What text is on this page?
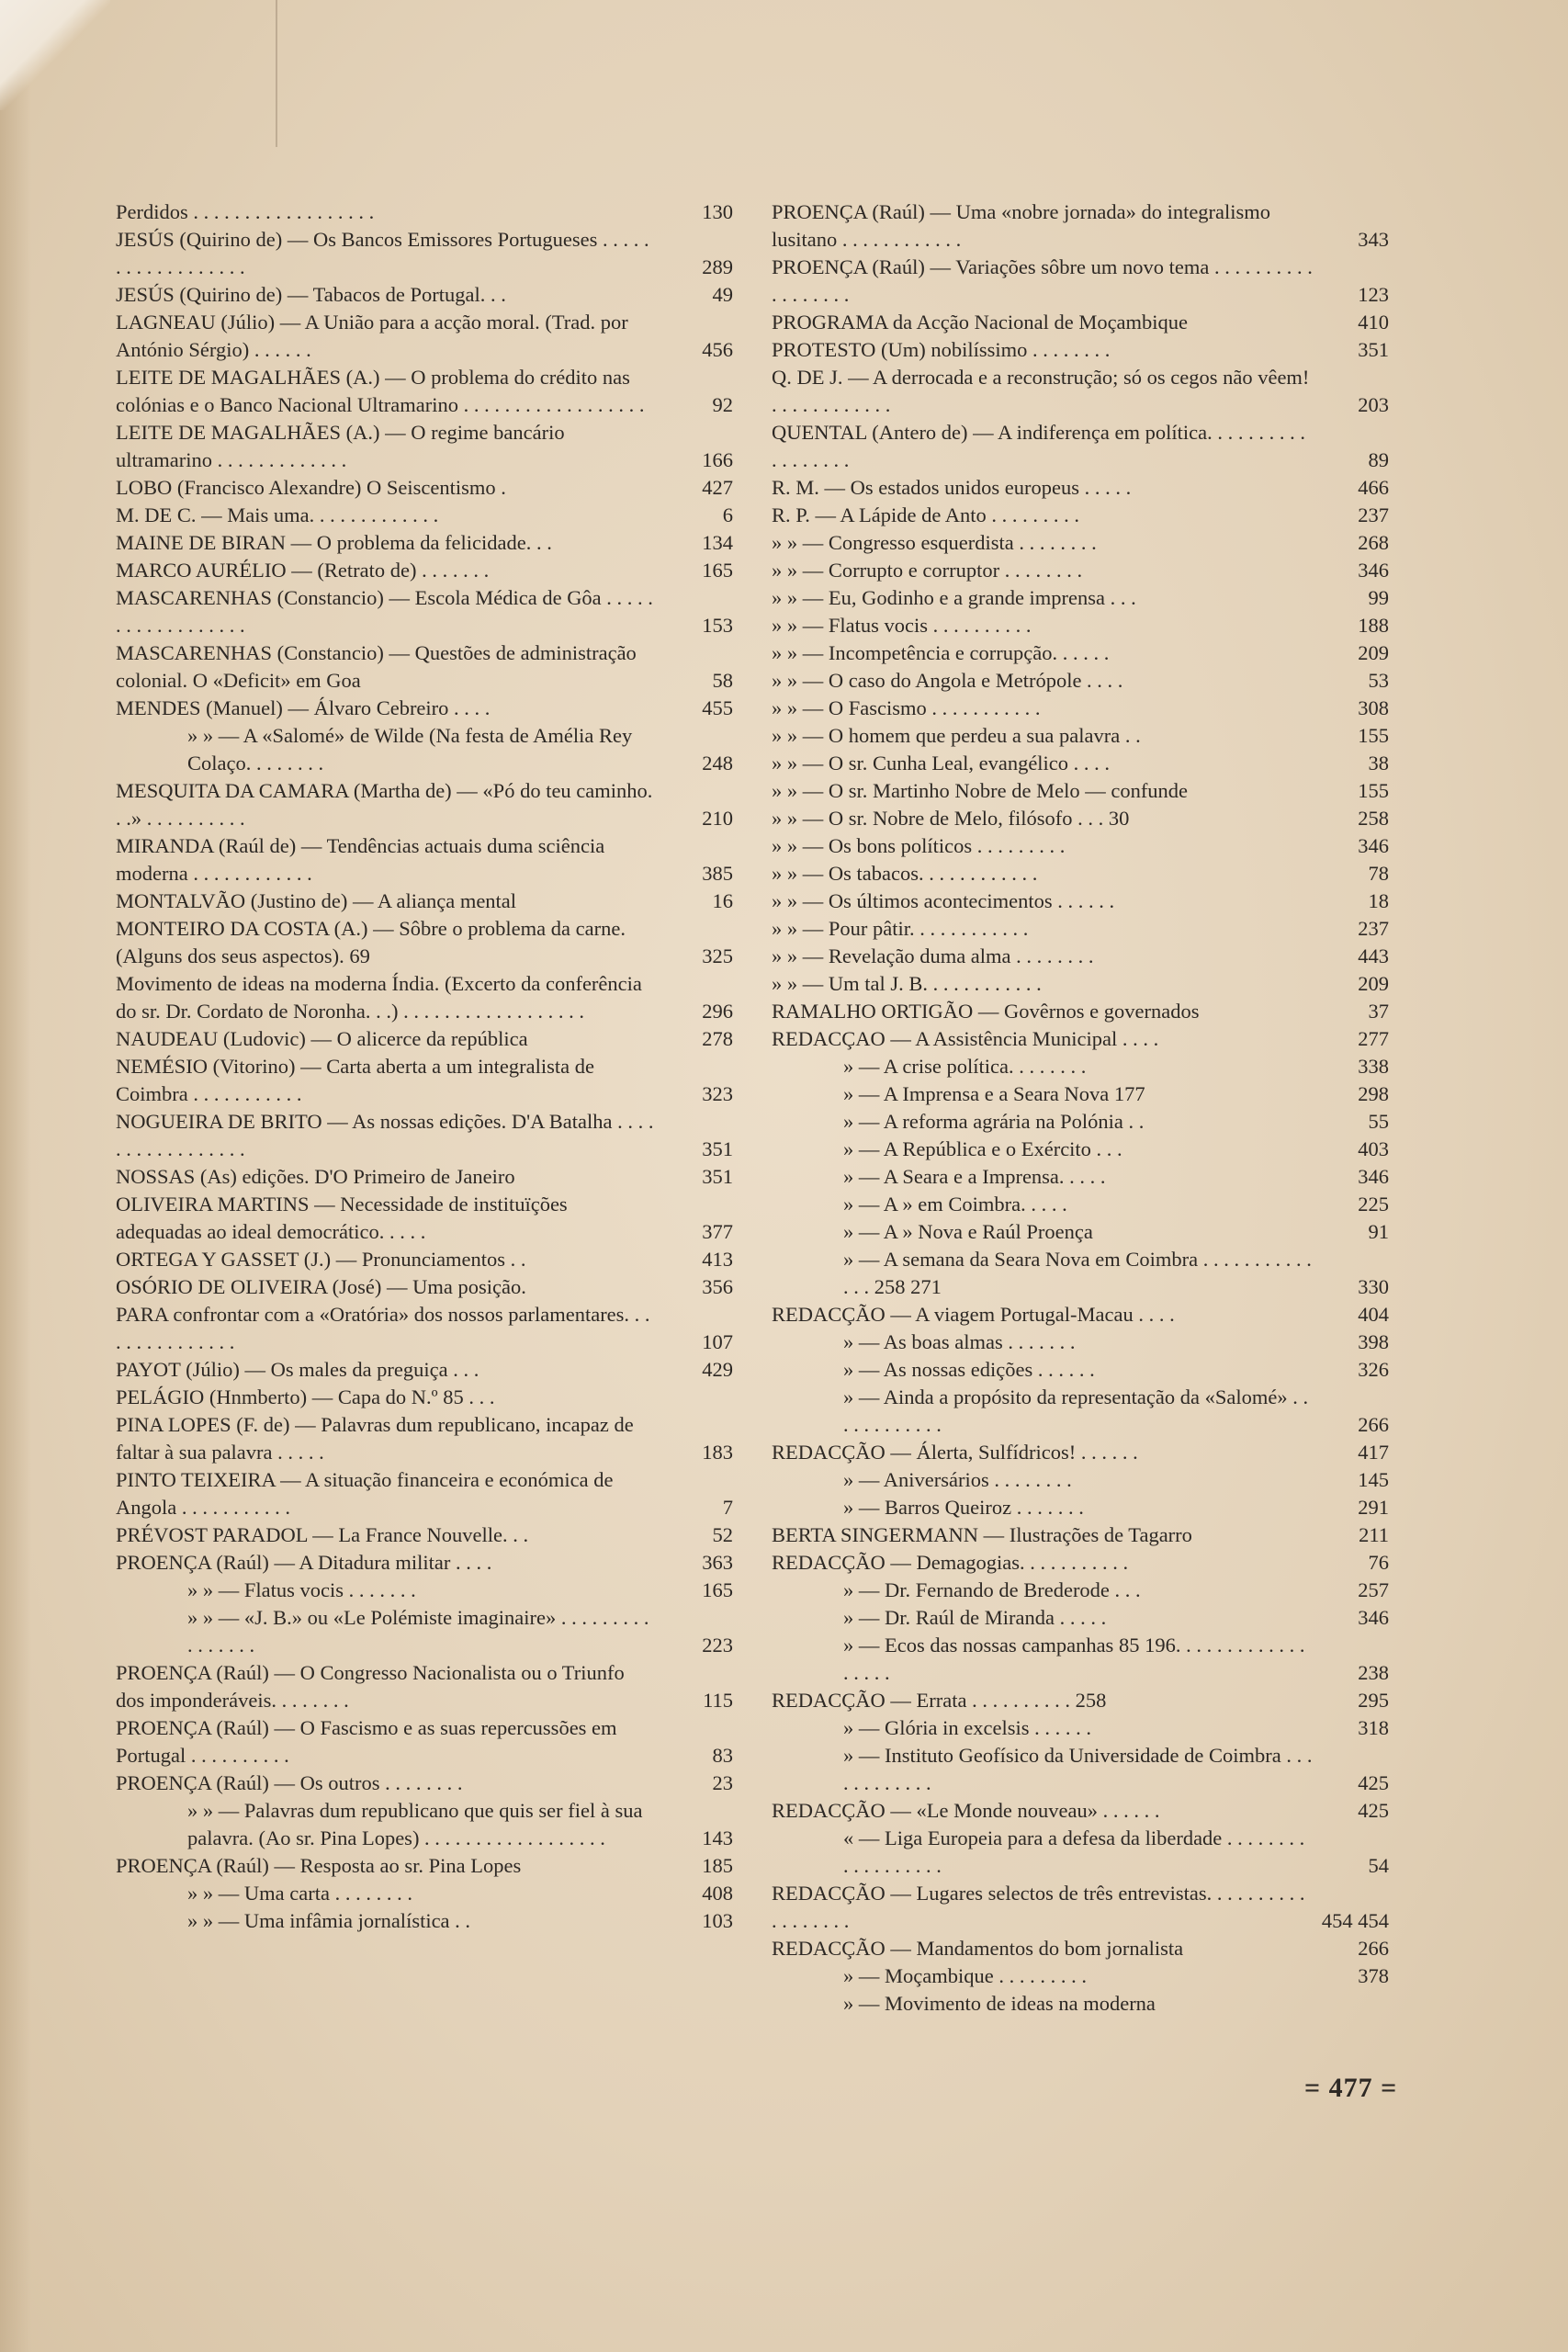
Perdidos . . . . . . . . . . . . . . . . . .	130
JESÚS (Quirino de) — Os Bancos Emissores Portugueses . . . . . . . . . . . . . . . . . .	289
JESÚS (Quirino de) — Tabacos de Portugal. . .	49
LAGNEAU (Júlio) — A União para a acção moral. (Trad. por António Sérgio) . . . . . .	456
LEITE DE MAGALHÃES (A.) — O problema do crédito nas colónias e o Banco Nacional Ultramarino . . . . . . . . . . . . . . . . . .	92
LEITE DE MAGALHÃES (A.) — O regime bancário ultramarino . . . . . . . . . . . . .	166
LOBO (Francisco Alexandre) O Seiscentismo .	427
M. DE C. — Mais uma. . . . . . . . . . . . .	6
MAINE DE BIRAN — O problema da felicidade. . .	134
MARCO AURÉLIO — (Retrato de) . . . . . . .	165
MASCARENHAS (Constancio) — Escola Médica de Gôa . . . . . . . . . . . . . . . . . .	153
MASCARENHAS (Constancio) — Questões de administração colonial. O «Deficit» em Goa	58
MENDES (Manuel) — Álvaro Cebreiro . . . .	455
» » — A «Salomé» de Wilde (Na festa de Amélia Rey Colaço. . . . . . . .	248
MESQUITA DA CAMARA (Martha de) — «Pó do teu caminho. . .» . . . . . . . . . .	210
MIRANDA (Raúl de) — Tendências actuais duma sciência moderna . . . . . . . . . . . .	385
MONTALVÃO (Justino de) — A aliança mental	16
MONTEIRO DA COSTA (A.) — Sôbre o problema da carne. (Alguns dos seus aspectos). 69	325
Movimento de ideas na moderna Índia. (Excerto da conferência do sr. Dr. Cordato de Noronha. . .) . . . . . . . . . . . . . . . . . .	296
NAUDEAU (Ludovic) — O alicerce da república	278
NEMÉSIO (Vitorino) — Carta aberta a um integralista de Coimbra . . . . . . . . . . .	323
NOGUEIRA DE BRITO — As nossas edições. D'A Batalha . . . . . . . . . . . . . . . . .	351
NOSSAS (As) edições. D'O Primeiro de Janeiro	351
OLIVEIRA MARTINS — Necessidade de instituïções adequadas ao ideal democrático. . . . .	377
ORTEGA Y GASSET (J.) — Pronunciamentos . .	413
OSÓRIO DE OLIVEIRA (José) — Uma posição.	356
PARA confrontar com a «Oratória» dos nossos parlamentares. . . . . . . . . . . . . . .	107
PAYOT (Júlio) — Os males da preguiça . . .	429
PELÁGIO (Hnmberto) — Capa do N.º 85 . . .
PINA LOPES (F. de) — Palavras dum republicano, incapaz de faltar à sua palavra . . . . .	183
PINTO TEIXEIRA — A situação financeira e económica de Angola . . . . . . . . . . .	7
PRÉVOST PARADOL — La France Nouvelle. . .	52
PROENÇA (Raúl) — A Ditadura militar . . . .	363
» » — Flatus vocis . . . . . . .	165
» » — «J. B.» ou «Le Polémiste imaginaire» . . . . . . . . . . . . . . . .	223
PROENÇA (Raúl) — O Congresso Nacionalista ou o Triunfo dos imponderáveis. . . . . . . .	115
PROENÇA (Raúl) — O Fascismo e as suas repercussões em Portugal . . . . . . . . . .	83
PROENÇA (Raúl) — Os outros . . . . . . . .	23
» » — Palavras dum republicano que quis ser fiel à sua palavra. (Ao sr. Pina Lopes) . . . . . . . . . . . . . . . . . .	143
PROENÇA (Raúl) — Resposta ao sr. Pina Lopes	185
» » — Uma carta . . . . . . . .	408
» » — Uma infâmia jornalística . .	103
PROENÇA (Raúl) — Uma «nobre jornada» do integralismo lusitano . . . . . . . . . . . .	343
PROENÇA (Raúl) — Variações sôbre um novo tema . . . . . . . . . . . . . . . . . .	123
PROGRAMA da Acção Nacional de Moçambique	410
PROTESTO (Um) nobilíssimo . . . . . . . .	351
Q. DE J. — A derrocada e a reconstrução; só os cegos não vêem! . . . . . . . . . . . .	203
QUENTAL (Antero de) — A indiferença em política. . . . . . . . . . . . . . . . . .	89
R. M. — Os estados unidos europeus . . . . .	466
R. P. — A Lápide de Anto . . . . . . . . .	237
» » — Congresso esquerdista . . . . . . . .	268
» » — Corrupto e corruptor . . . . . . . .	346
» » — Eu, Godinho e a grande imprensa . . .	99
» » — Flatus vocis . . . . . . . . . .	188
» » — Incompetência e corrupção. . . . . .	209
» » — O caso do Angola e Metrópole . . . .	53
» » — O Fascismo . . . . . . . . . . .	308
» » — O homem que perdeu a sua palavra . .	155
» » — O sr. Cunha Leal, evangélico . . . .	38
» » — O sr. Martinho Nobre de Melo — confunde	155
» » — O sr. Nobre de Melo, filósofo . . . 30	258
» » — Os bons políticos . . . . . . . . .	346
» » — Os tabacos. . . . . . . . . . . .	78
» » — Os últimos acontecimentos . . . . . .	18
» » — Pour pâtir. . . . . . . . . . . .	237
» » — Revelação duma alma . . . . . . . .	443
» » — Um tal J. B. . . . . . . . . . . .	209
RAMALHO ORTIGÃO — Govêrnos e governados	37
REDACÇAO — A Assistência Municipal . . . .	277
» — A crise política. . . . . . . .	338
» — A Imprensa e a Seara Nova 177	298
» — A reforma agrária na Polónia . .	55
» — A República e o Exército . . .	403
» — A Seara e a Imprensa. . . . .	346
» — A » em Coimbra. . . . .	225
» — A » Nova e Raúl Proença	91
» — A semana da Seara Nova em Coimbra . . . . . . . . . . . . . . 258 271	330
REDACÇÃO — A viagem Portugal-Macau . . . .	404
» — As boas almas . . . . . . .	398
» — As nossas edições . . . . . .	326
» — Ainda a propósito da representação da «Salomé» . . . . . . . . . . . .	266
REDACÇÃO — Álerta, Sulfídricos! . . . . . .	417
» — Aniversários . . . . . . . .	145
» — Barros Queiroz . . . . . . .	291
BERTA SINGERMANN — Ilustrações de Tagarro	211
REDACÇÃO — Demagogias. . . . . . . . . . .	76
» — Dr. Fernando de Brederode . . .	257
» — Dr. Raúl de Miranda . . . . .	346
» — Ecos das nossas campanhas 85 196. . . . . . . . . . . . . . . . . .	238
REDACÇÃO — Errata . . . . . . . . . . 258	295
» — Glória in excelsis . . . . . .	318
» — Instituto Geofísico da Universidade de Coimbra . . . . . . . . . . . .	425
REDACÇÃO — «Le Monde nouveau» . . . . . .	425
« — Liga Europeia para a defesa da liberdade . . . . . . . . . . . . . . . . . .	54
REDACÇÃO — Lugares selectos de três entrevistas. . . . . . . . . . . . . . . . . .	454 454
REDACÇÃO — Mandamentos do bom jornalista	266
» — Moçambique . . . . . . . . .	378
» — Movimento de ideas na moderna
= 477 =
